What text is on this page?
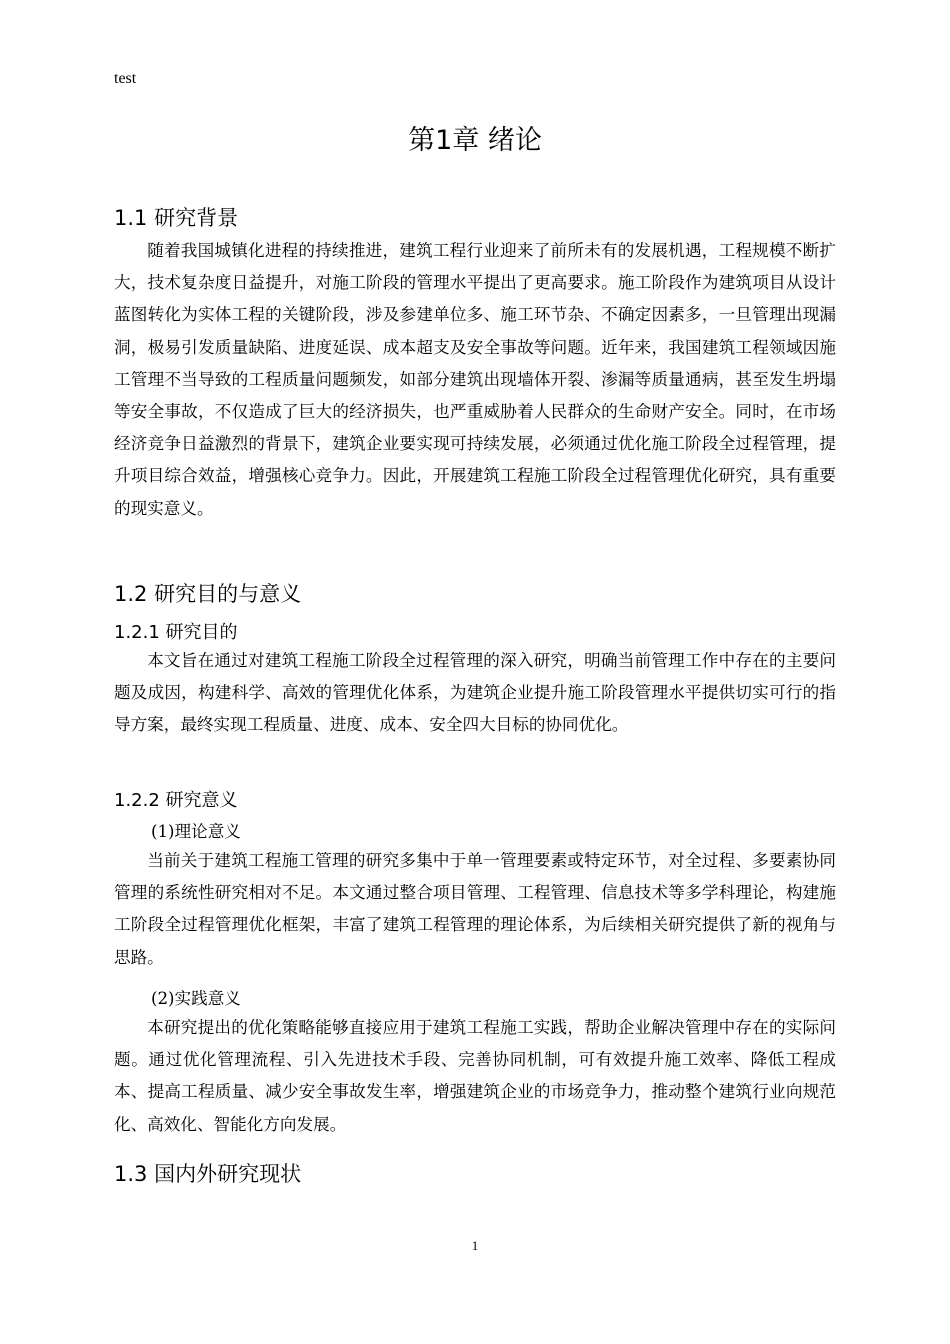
test
第1章 绪论
1.1 研究背景
随着我国城镇化进程的持续推进，建筑工程行业迎来了前所未有的发展机遇，工程规模不断扩大，技术复杂度日益提升，对施工阶段的管理水平提出了更高要求。施工阶段作为建筑项目从设计蓝图转化为实体工程的关键阶段，涉及参建单位多、施工环节杂、不确定因素多，一旦管理出现漏洞，极易引发质量缺陷、进度延误、成本超支及安全事故等问题。近年来，我国建筑工程领域因施工管理不当导致的工程质量问题频发，如部分建筑出现墙体开裂、渗漏等质量通病，甚至发生坍塌等安全事故，不仅造成了巨大的经济损失，也严重威胁着人民群众的生命财产安全。同时，在市场经济竞争日益激烈的背景下，建筑企业要实现可持续发展，必须通过优化施工阶段全过程管理，提升项目综合效益，增强核心竞争力。因此，开展建筑工程施工阶段全过程管理优化研究，具有重要的现实意义。
1.2 研究目的与意义
1.2.1 研究目的
本文旨在通过对建筑工程施工阶段全过程管理的深入研究，明确当前管理工作中存在的主要问题及成因，构建科学、高效的管理优化体系，为建筑企业提升施工阶段管理水平提供切实可行的指导方案，最终实现工程质量、进度、成本、安全四大目标的协同优化。
1.2.2 研究意义
(1)理论意义
当前关于建筑工程施工管理的研究多集中于单一管理要素或特定环节，对全过程、多要素协同管理的系统性研究相对不足。本文通过整合项目管理、工程管理、信息技术等多学科理论，构建施工阶段全过程管理优化框架，丰富了建筑工程管理的理论体系，为后续相关研究提供了新的视角与思路。
(2)实践意义
本研究提出的优化策略能够直接应用于建筑工程施工实践，帮助企业解决管理中存在的实际问题。通过优化管理流程、引入先进技术手段、完善协同机制，可有效提升施工效率、降低工程成本、提高工程质量、减少安全事故发生率，增强建筑企业的市场竞争力，推动整个建筑行业向规范化、高效化、智能化方向发展。
1.3 国内外研究现状
1
